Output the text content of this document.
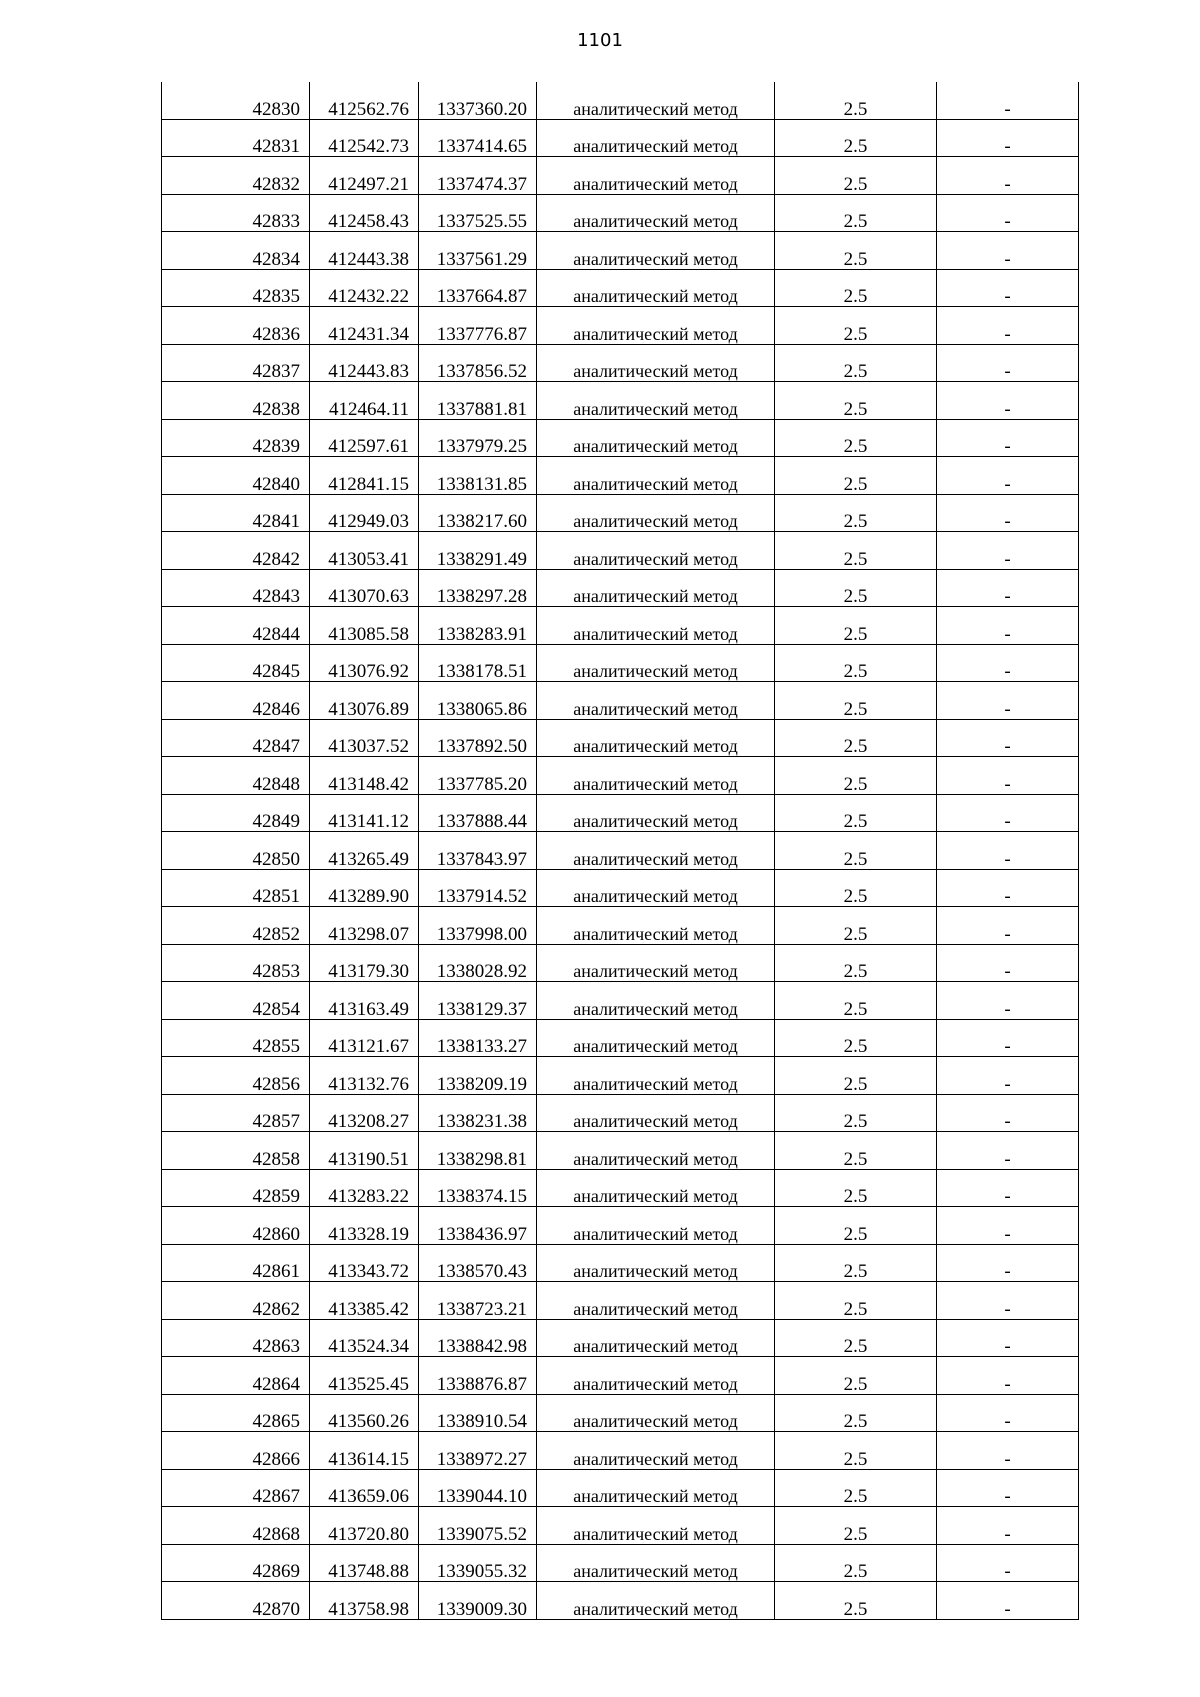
1101
42830	412562.76	1337360.20	аналитический метод	2.5	-
42831	412542.73	1337414.65	аналитический метод	2.5	-
42832	412497.21	1337474.37	аналитический метод	2.5	-
42833	412458.43	1337525.55	аналитический метод	2.5	-
42834	412443.38	1337561.29	аналитический метод	2.5	-
42835	412432.22	1337664.87	аналитический метод	2.5	-
42836	412431.34	1337776.87	аналитический метод	2.5	-
42837	412443.83	1337856.52	аналитический метод	2.5	-
42838	412464.11	1337881.81	аналитический метод	2.5	-
42839	412597.61	1337979.25	аналитический метод	2.5	-
42840	412841.15	1338131.85	аналитический метод	2.5	-
42841	412949.03	1338217.60	аналитический метод	2.5	-
42842	413053.41	1338291.49	аналитический метод	2.5	-
42843	413070.63	1338297.28	аналитический метод	2.5	-
42844	413085.58	1338283.91	аналитический метод	2.5	-
42845	413076.92	1338178.51	аналитический метод	2.5	-
42846	413076.89	1338065.86	аналитический метод	2.5	-
42847	413037.52	1337892.50	аналитический метод	2.5	-
42848	413148.42	1337785.20	аналитический метод	2.5	-
42849	413141.12	1337888.44	аналитический метод	2.5	-
42850	413265.49	1337843.97	аналитический метод	2.5	-
42851	413289.90	1337914.52	аналитический метод	2.5	-
42852	413298.07	1337998.00	аналитический метод	2.5	-
42853	413179.30	1338028.92	аналитический метод	2.5	-
42854	413163.49	1338129.37	аналитический метод	2.5	-
42855	413121.67	1338133.27	аналитический метод	2.5	-
42856	413132.76	1338209.19	аналитический метод	2.5	-
42857	413208.27	1338231.38	аналитический метод	2.5	-
42858	413190.51	1338298.81	аналитический метод	2.5	-
42859	413283.22	1338374.15	аналитический метод	2.5	-
42860	413328.19	1338436.97	аналитический метод	2.5	-
42861	413343.72	1338570.43	аналитический метод	2.5	-
42862	413385.42	1338723.21	аналитический метод	2.5	-
42863	413524.34	1338842.98	аналитический метод	2.5	-
42864	413525.45	1338876.87	аналитический метод	2.5	-
42865	413560.26	1338910.54	аналитический метод	2.5	-
42866	413614.15	1338972.27	аналитический метод	2.5	-
42867	413659.06	1339044.10	аналитический метод	2.5	-
42868	413720.80	1339075.52	аналитический метод	2.5	-
42869	413748.88	1339055.32	аналитический метод	2.5	-
42870	413758.98	1339009.30	аналитический метод	2.5	-
